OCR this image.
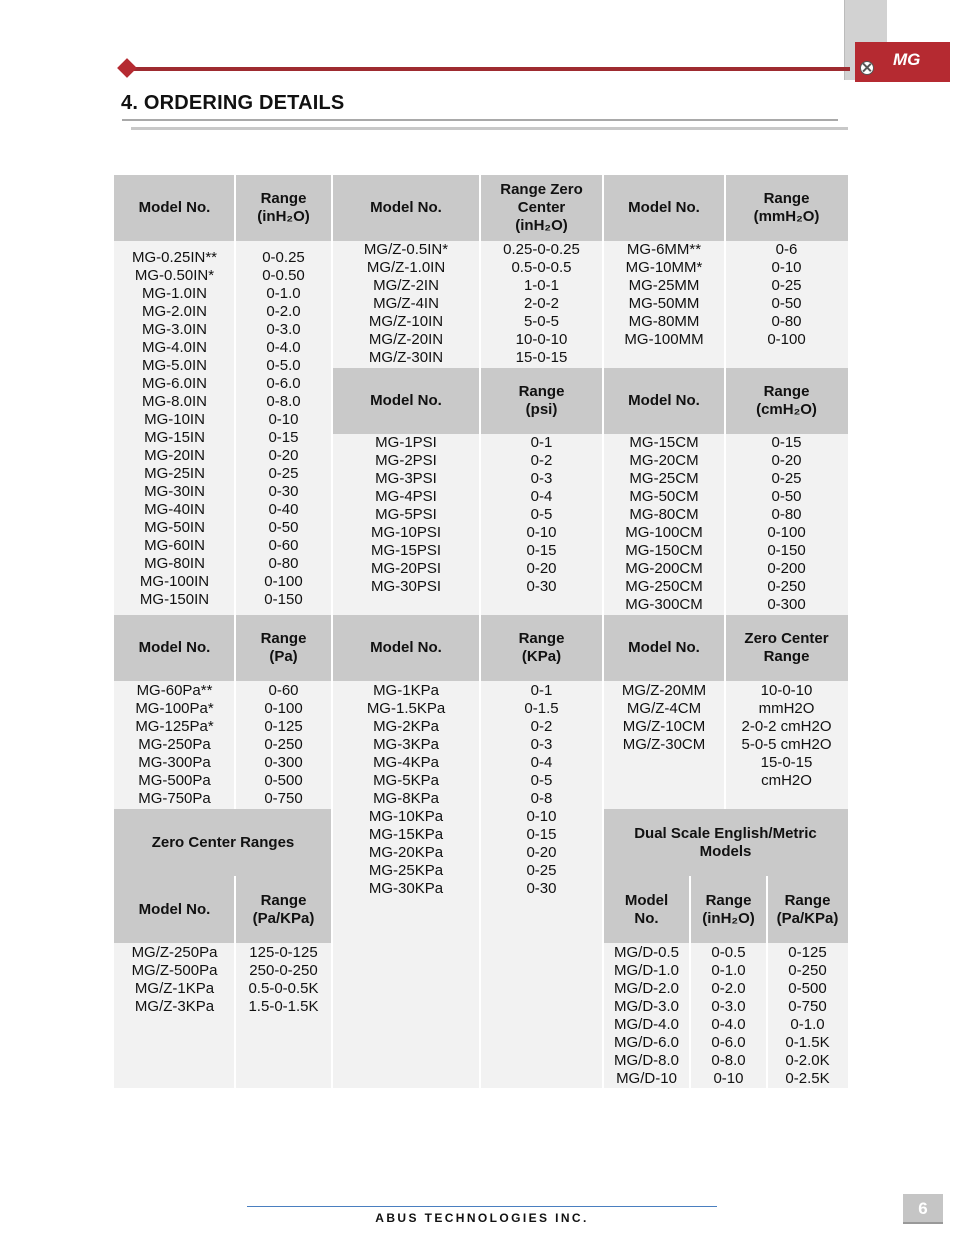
MG
4. ORDERING DETAILS
Model No.
Range
(inH₂O)
MG-0.25IN**
MG-0.50IN*
MG-1.0IN
MG-2.0IN
MG-3.0IN
MG-4.0IN
MG-5.0IN
MG-6.0IN
MG-8.0IN
MG-10IN
MG-15IN
MG-20IN
MG-25IN
MG-30IN
MG-40IN
MG-50IN
MG-60IN
MG-80IN
MG-100IN
MG-150IN
0-0.25
0-0.50
0-1.0
0-2.0
0-3.0
0-4.0
0-5.0
0-6.0
0-8.0
0-10
0-15
0-20
0-25
0-30
0-40
0-50
0-60
0-80
0-100
0-150
Model No.
Range
(Pa)
MG-60Pa**
MG-100Pa*
MG-125Pa*
MG-250Pa
MG-300Pa
MG-500Pa
MG-750Pa
0-60
0-100
0-125
0-250
0-300
0-500
0-750
Zero Center Ranges
Model No.
Range
(Pa/KPa)
MG/Z-250Pa
MG/Z-500Pa
MG/Z-1KPa
MG/Z-3KPa
125-0-125
250-0-250
0.5-0-0.5K
1.5-0-1.5K
Model No.
Range Zero
Center
(inH₂O)
MG/Z-0.5IN*
MG/Z-1.0IN
MG/Z-2IN
MG/Z-4IN
MG/Z-10IN
MG/Z-20IN
MG/Z-30IN
0.25-0-0.25
0.5-0-0.5
1-0-1
2-0-2
5-0-5
10-0-10
15-0-15
Model No.
Range
(psi)
MG-1PSI
MG-2PSI
MG-3PSI
MG-4PSI
MG-5PSI
MG-10PSI
MG-15PSI
MG-20PSI
MG-30PSI
0-1
0-2
0-3
0-4
0-5
0-10
0-15
0-20
0-30
Model No.
Range
(KPa)
MG-1KPa
MG-1.5KPa
MG-2KPa
MG-3KPa
MG-4KPa
MG-5KPa
MG-8KPa
MG-10KPa
MG-15KPa
MG-20KPa
MG-25KPa
MG-30KPa
0-1
0-1.5
0-2
0-3
0-4
0-5
0-8
0-10
0-15
0-20
0-25
0-30
Model No.
Range
(mmH₂O)
MG-6MM**
MG-10MM*
MG-25MM
MG-50MM
MG-80MM
MG-100MM
0-6
0-10
0-25
0-50
0-80
0-100
Model No.
Range
(cmH₂O)
MG-15CM
MG-20CM
MG-25CM
MG-50CM
MG-80CM
MG-100CM
MG-150CM
MG-200CM
MG-250CM
MG-300CM
0-15
0-20
0-25
0-50
0-80
0-100
0-150
0-200
0-250
0-300
Model No.
Zero Center
Range
MG/Z-20MM
MG/Z-4CM
MG/Z-10CM
MG/Z-30CM
10-0-10
mmH2O
2-0-2 cmH2O
5-0-5 cmH2O
15-0-15
cmH2O
Dual Scale English/Metric
Models
Model
No.
Range
(inH₂O)
Range
(Pa/KPa)
MG/D-0.5
MG/D-1.0
MG/D-2.0
MG/D-3.0
MG/D-4.0
MG/D-6.0
MG/D-8.0
MG/D-10
0-0.5
0-1.0
0-2.0
0-3.0
0-4.0
0-6.0
0-8.0
0-10
0-125
0-250
0-500
0-750
0-1.0
0-1.5K
0-2.0K
0-2.5K
ABUS TECHNOLOGIES INC.	6
